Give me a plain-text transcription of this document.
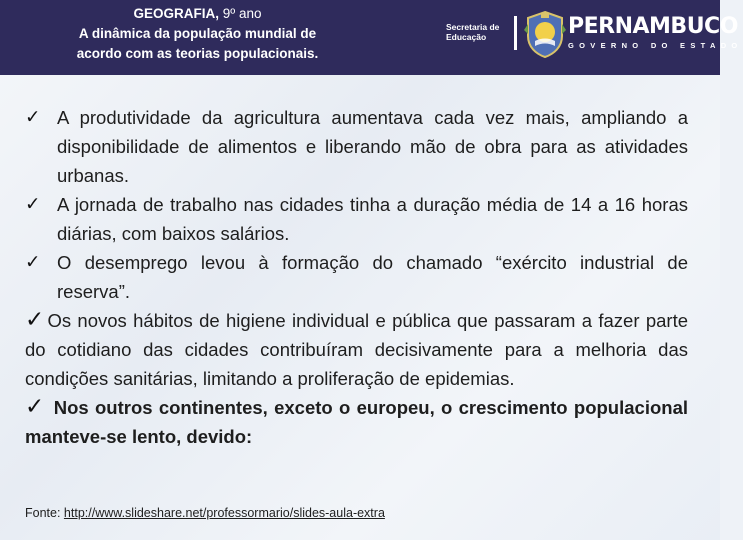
GEOGRAFIA, 9º ano
A dinâmica da população mundial de
acordo com as teorias populacionais.
Secretaria de
Educação	PERNAMBUCO
GOVERNO DO ESTADO
✓ A produtividade da agricultura aumentava cada vez mais, ampliando a disponibilidade de alimentos e liberando mão de obra para as atividades urbanas.
✓ A jornada de trabalho nas cidades tinha a duração média de 14 a 16 horas diárias, com baixos salários.
✓ O desemprego levou à formação do chamado “exército industrial de reserva”.
✓ Os novos hábitos de higiene individual e pública que passaram a fazer parte do cotidiano das cidades contribuíram decisivamente para a melhoria das condições sanitárias, limitando a proliferação de epidemias.
✓ Nos outros continentes, exceto o europeu, o crescimento populacional manteve-se lento, devido:
Fonte: http://www.slideshare.net/professormario/slides-aula-extra
